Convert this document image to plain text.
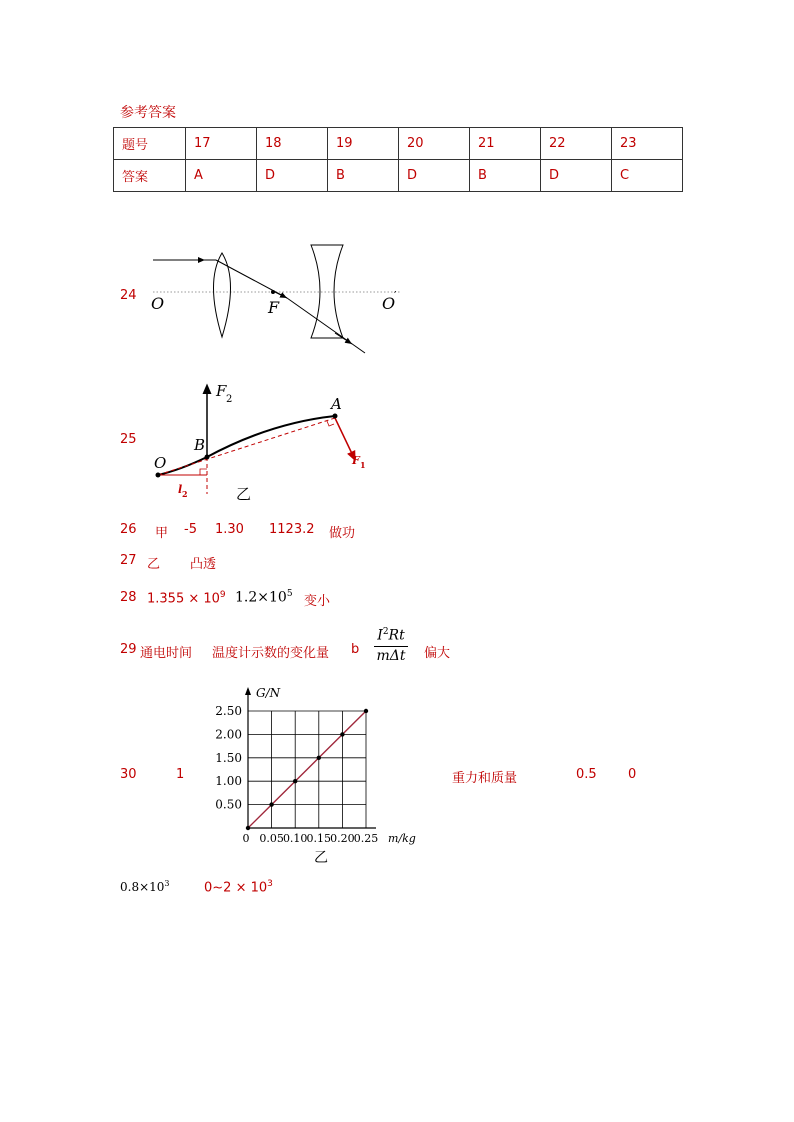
参考答案
题号	17	18	19	20	21	22	23
答案	A	D	B	D	B	D	C
24 O	F	O
′
25
F 2	A
B
O	F 1
l 2	乙
26 甲 -5 1.30 1123.2 做功
27 乙 凸透
28 $1.355 \times 10^9$ $1.2\times 10^5$ 变小
29 通电时间 温度计示数的变化量 b
$I^2Rt$
mΔt 偏大
30	1
0.50
1.00
1.50
2.00
2.50
0 0.05 0.10 0.15 0.20 0.25
G/N
m/kg
乙
重力和质量	0.5 0
$0.8\times 10^3$	0~2 × $10^3$
